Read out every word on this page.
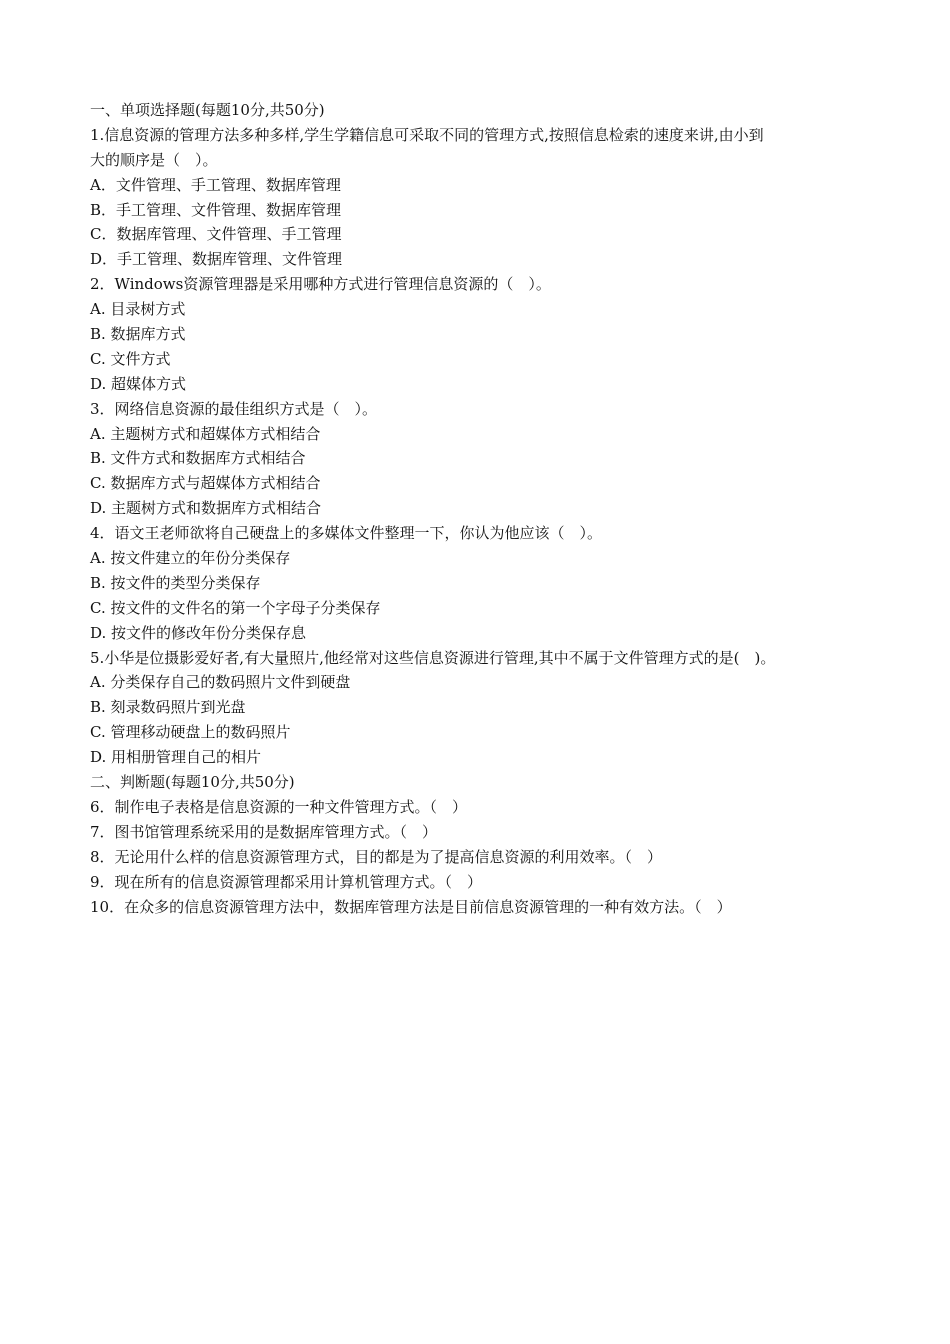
一、单项选择题(每题10分,共50分)
1.信息资源的管理方法多种多样,学生学籍信息可采取不同的管理方式,按照信息检索的速度来讲,由小到
大的顺序是（　）。
A．文件管理、手工管理、数据库管理
B．手工管理、文件管理、数据库管理
C．数据库管理、文件管理、手工管理
D．手工管理、数据库管理、文件管理
2．Windows资源管理器是采用哪种方式进行管理信息资源的（　）。
A. 目录树方式
B. 数据库方式
C. 文件方式
D. 超媒体方式
3．网络信息资源的最佳组织方式是（　）。
A. 主题树方式和超媒体方式相结合
B. 文件方式和数据库方式相结合
C. 数据库方式与超媒体方式相结合
D. 主题树方式和数据库方式相结合
4．语文王老师欲将自己硬盘上的多媒体文件整理一下，你认为他应该（　）。
A. 按文件建立的年份分类保存
B. 按文件的类型分类保存
C. 按文件的文件名的第一个字母子分类保存
D. 按文件的修改年份分类保存息
5.小华是位摄影爱好者,有大量照片,他经常对这些信息资源进行管理,其中不属于文件管理方式的是(　)。
A. 分类保存自己的数码照片文件到硬盘
B. 刻录数码照片到光盘
C. 管理移动硬盘上的数码照片
D. 用相册管理自己的相片
二、判断题(每题10分,共50分)
6．制作电子表格是信息资源的一种文件管理方式。（　）
7．图书馆管理系统采用的是数据库管理方式。（　）
8．无论用什么样的信息资源管理方式，目的都是为了提高信息资源的利用效率。（　）
9．现在所有的信息资源管理都采用计算机管理方式。（　）
10．在众多的信息资源管理方法中，数据库管理方法是目前信息资源管理的一种有效方法。（　）
